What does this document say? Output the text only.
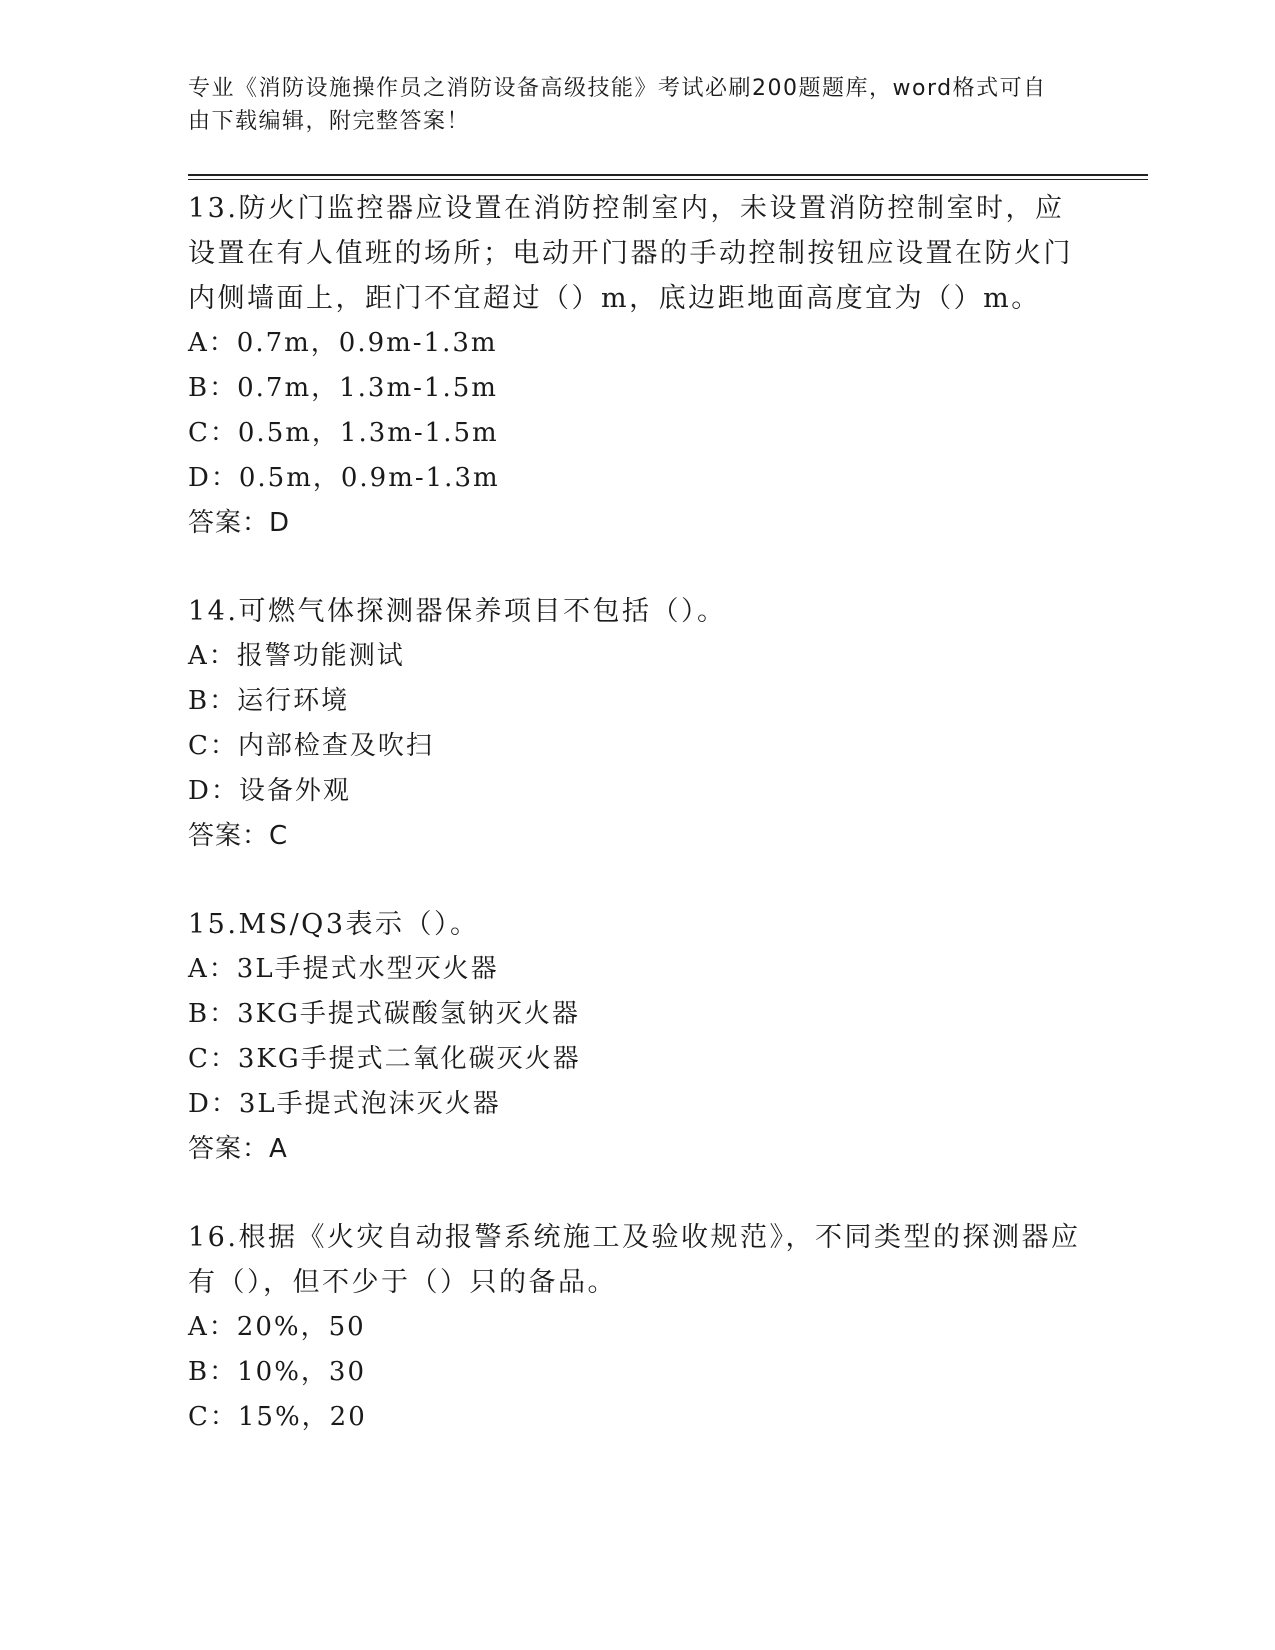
专业《消防设施操作员之消防设备高级技能》考试必刷200题题库，word格式可自由下载编辑，附完整答案！

13.防火门监控器应设置在消防控制室内，未设置消防控制室时，应设置在有人值班的场所；电动开门器的手动控制按钮应设置在防火门内侧墙面上，距门不宜超过（）m，底边距地面高度宜为（）m。

A：0.7m，0.9m-1.3m

B：0.7m，1.3m-1.5m

C：0.5m，1.3m-1.5m

D：0.5m，0.9m-1.3m

答案：D

14.可燃气体探测器保养项目不包括（）。

A：报警功能测试

B：运行环境

C：内部检查及吹扫

D：设备外观

答案：C

15.MS/Q3表示（）。

A：3L手提式水型灭火器

B：3KG手提式碳酸氢钠灭火器

C：3KG手提式二氧化碳灭火器

D：3L手提式泡沫灭火器

答案：A

16.根据《火灾自动报警系统施工及验收规范》，不同类型的探测器应有（），但不少于（）只的备品。

A：20%，50

B：10%，30

C：15%，20
